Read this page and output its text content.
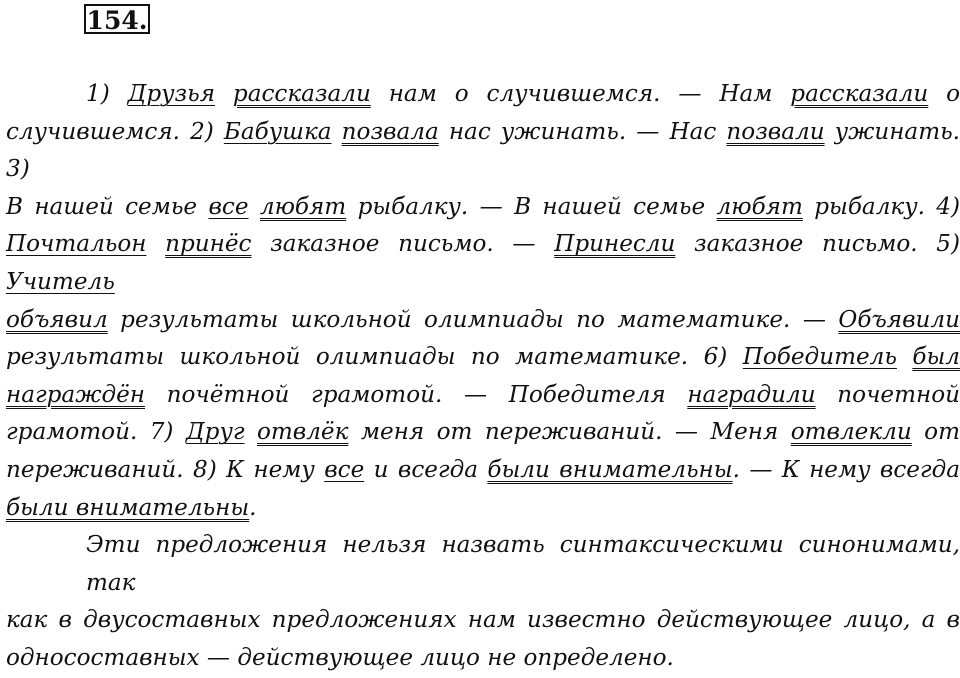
154.
1) Друзья рассказали нам о случившемся. — Нам рассказали о
случившемся. 2) Бабушка позвала нас ужинать. — Нас позвали ужинать. 3)
В нашей семье все любят рыбалку. — В нашей семье любят рыбалку. 4)
Почтальон принёс заказное письмо. — Принесли заказное письмо. 5) Учитель
объявил результаты школьной олимпиады по математике. — Объявили
результаты школьной олимпиады по математике. 6) Победитель был
награждён почётной грамотой. — Победителя наградили почетной
грамотой. 7) Друг отвлёк меня от переживаний. — Меня отвлекли от
переживаний. 8) К нему все и всегда были внимательны. — К нему всегда
были внимательны.
Эти предложения нельзя назвать синтаксическими синонимами, так
как в двусоставных предложениях нам известно действующее лицо, а в
односоставных — действующее лицо не определено.
